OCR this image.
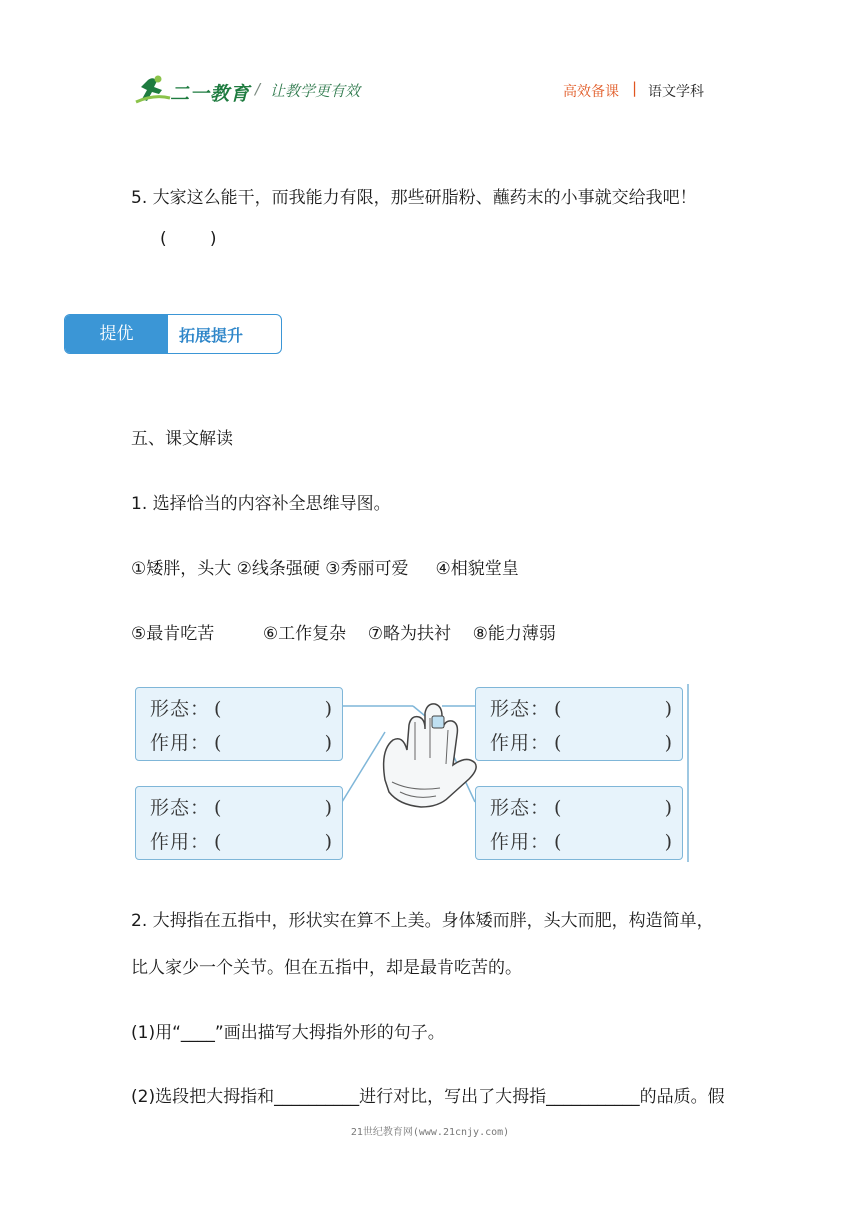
二一教育 / 让教学更有效	高效备课 | 语文学科
5. 大家这么能干，而我能力有限，那些研脂粉、蘸药末的小事就交给我吧！
(        )
提优	拓展提升
五、课文解读
1. 选择恰当的内容补全思维导图。
①矮胖，头大 ②线条强硬 ③秀丽可爱     ④相貌堂皇
⑤最肯吃苦         ⑥工作复杂    ⑦略为扶衬    ⑧能力薄弱
形态： (	)
作用： (	)
形态： (	)
作用： (	)
形态： (	)
作用： (	)
形态： (	)
作用： (	)
2. 大拇指在五指中，形状实在算不上美。身体矮而胖，头大而肥，构造简单，
比人家少一个关节。但在五指中，却是最肯吃苦的。
(1)用“____”画出描写大拇指外形的句子。
(2)选段把大拇指和__________进行对比，写出了大拇指___________的品质。假
21世纪教育网(www.21cnjy.com)
